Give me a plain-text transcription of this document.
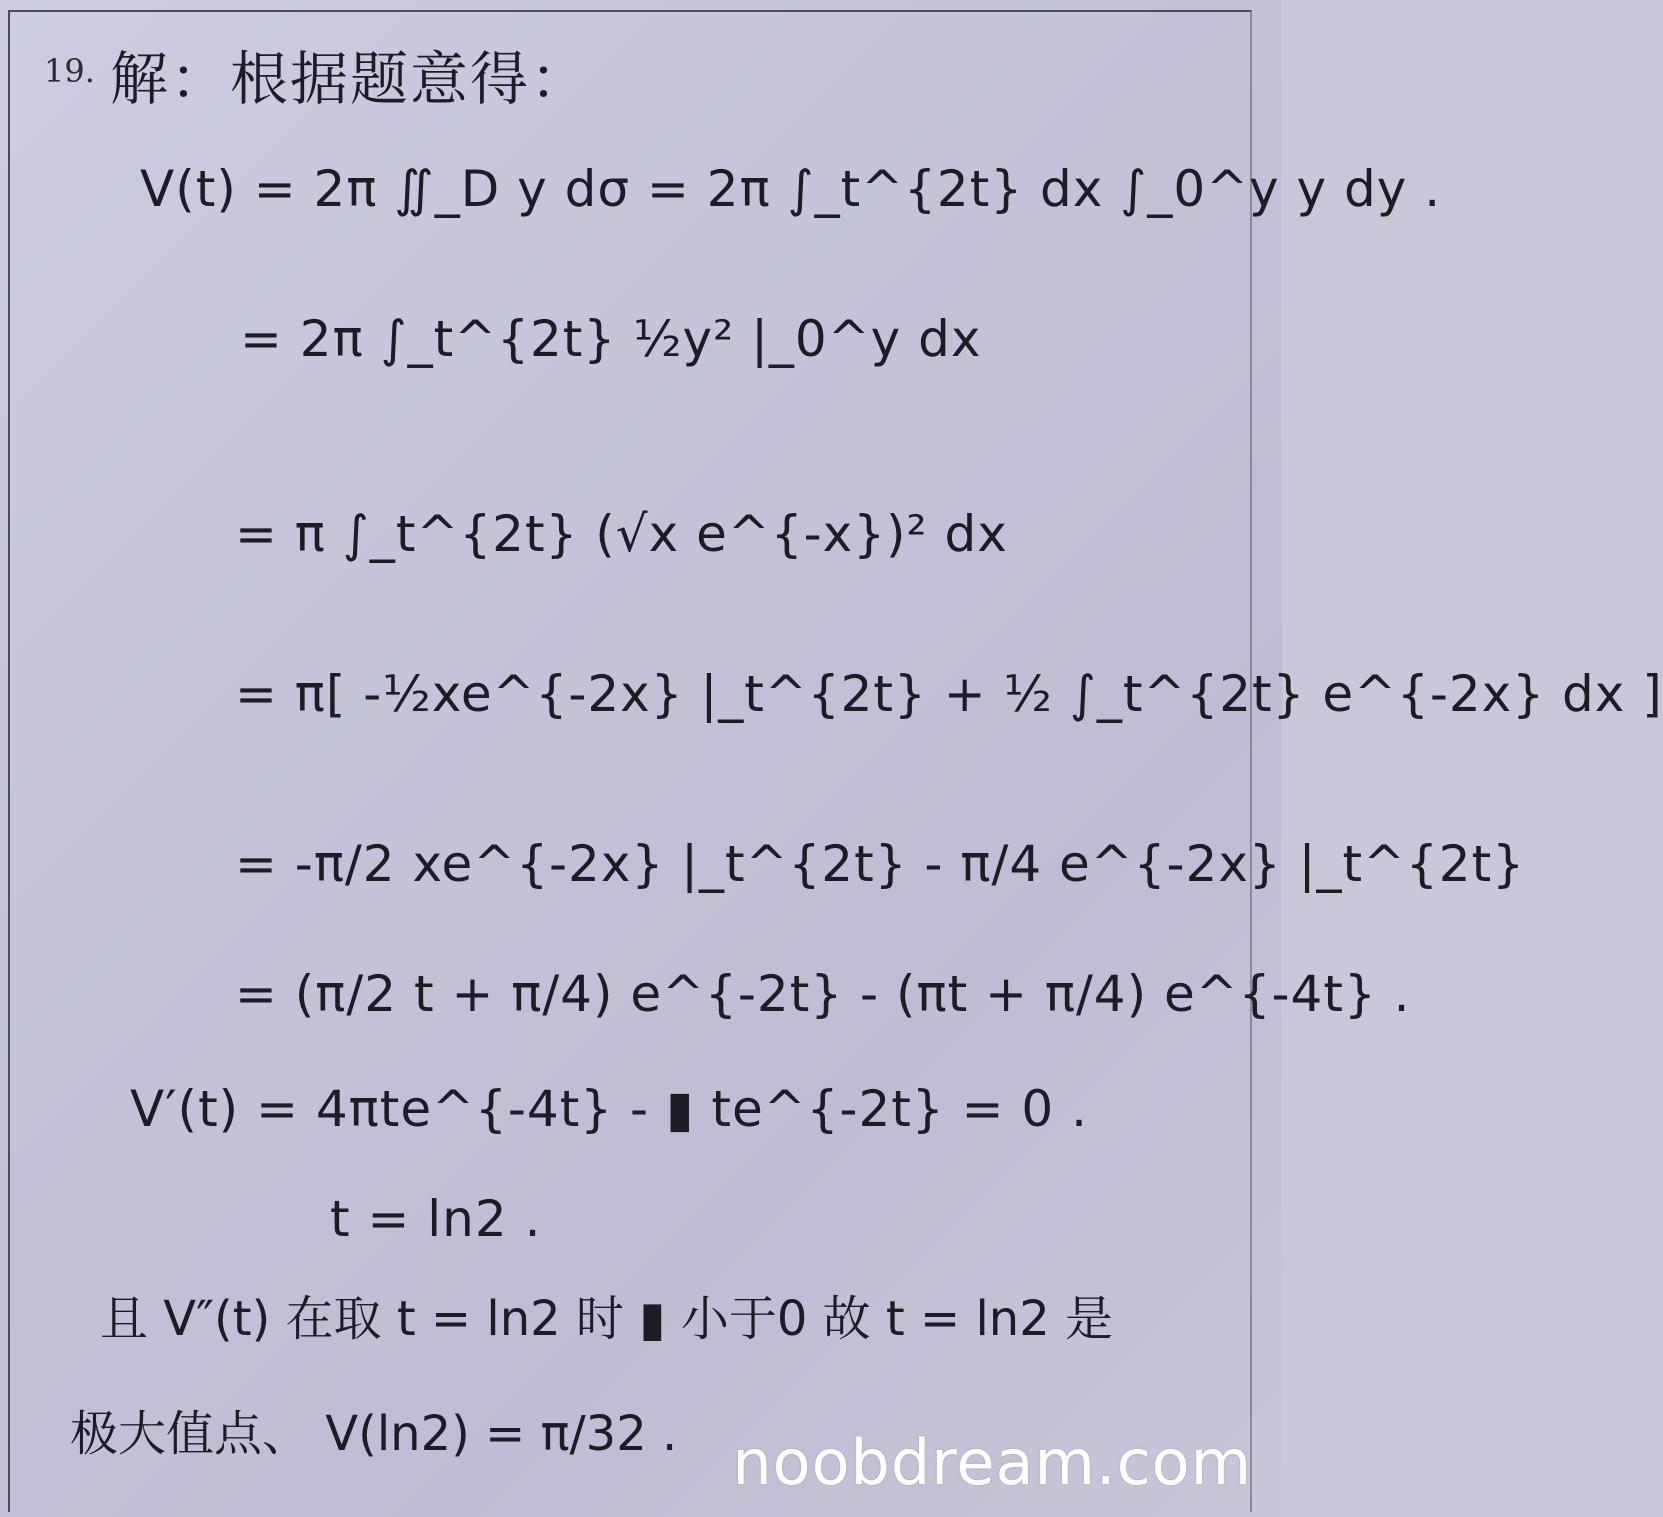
19. 解：根据题意得：
V(t) = 2π ∬_D y dσ = 2π ∫_t^{2t} dx ∫_0^y y dy .
= 2π ∫_t^{2t} ½y² |_0^y dx
= π ∫_t^{2t} (√x e^{-x})² dx
= π[ -½xe^{-2x} |_t^{2t} + ½ ∫_t^{2t} e^{-2x} dx ]
= -π/2 xe^{-2x} |_t^{2t} - π/4 e^{-2x} |_t^{2t}
= (π/2 t + π/4) e^{-2t} - (πt + π/4) e^{-4t} .
V′(t) = 4πte^{-4t} - ▮ te^{-2t} = 0 .
t = ln2 .
且 V″(t) 在取 t = ln2 时 ▮ 小于0 故 t = ln2 是
极大值点、 V(ln2) = π/32 . noobdream.com
